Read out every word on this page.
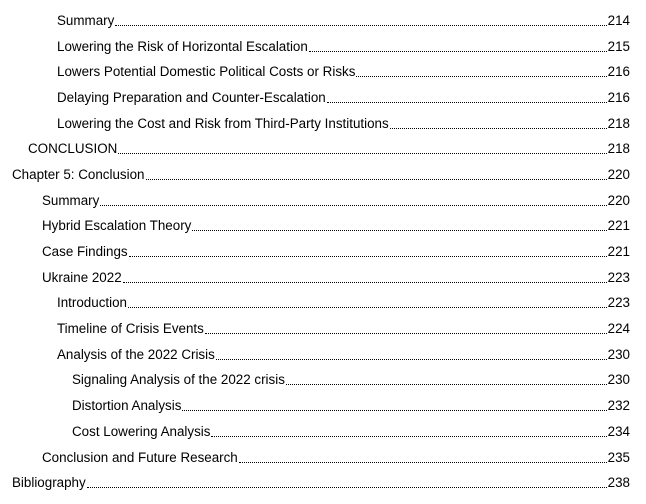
Summary	214
Lowering the Risk of Horizontal Escalation	215
Lowers Potential Domestic Political Costs or Risks	216
Delaying Preparation and Counter-Escalation	216
Lowering the Cost and Risk from Third-Party Institutions	218
CONCLUSION	218
Chapter 5: Conclusion	220
Summary	220
Hybrid Escalation Theory	221
Case Findings	221
Ukraine 2022	223
Introduction	223
Timeline of Crisis Events	224
Analysis of the 2022 Crisis	230
Signaling Analysis of the 2022 crisis	230
Distortion Analysis	232
Cost Lowering Analysis	234
Conclusion and Future Research	235
Bibliography	238
